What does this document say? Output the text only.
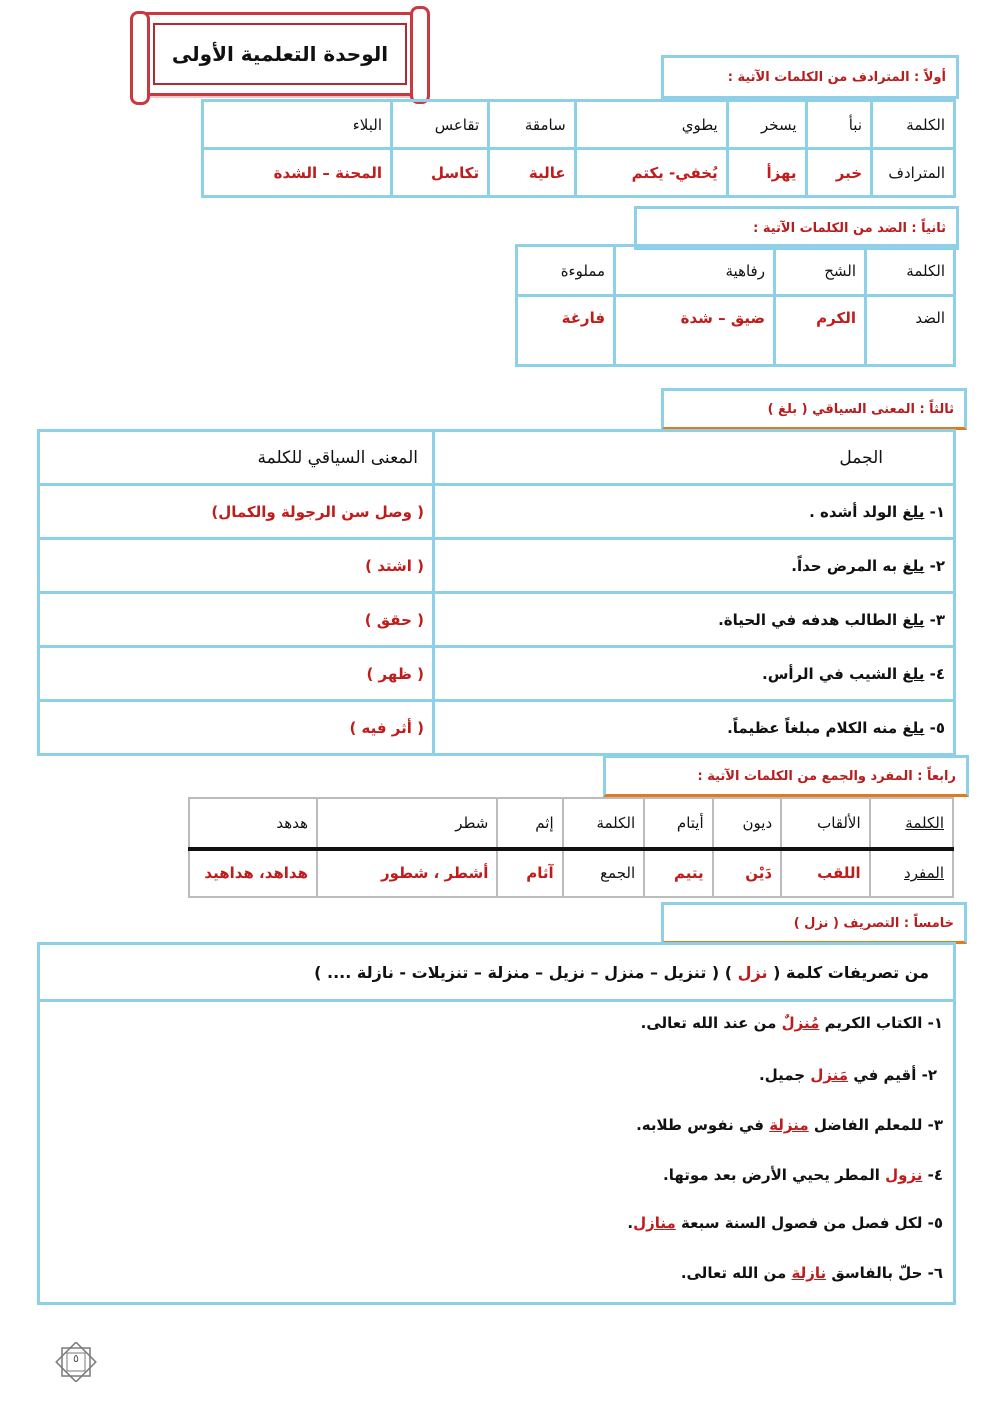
الوحدة التعلمية الأولى
أولاً : المترادف من الكلمات الآتية :
الكلمة	نبأ	يسخر	يطوي	سامقة	تقاعس	البلاء
المترادف	خبر	يهزأ	يُخفي- يكتم	عالية	تكاسل	المحنة – الشدة
ثانياً : الضد من الكلمات الآتية :
الكلمة	الشح	رفاهية	مملوءة
الضد	الكرم	ضيق – شدة	فارغة
ثالثاً : المعنى السياقي ( بلغ )
الجمل	المعنى السياقي للكلمة
١- بلغ الولد أشده .	( وصل سن الرجولة والكمال)
٢- بلغ به المرض حداً.	( اشتد )
٣- بلغ الطالب هدفه في الحياة.	( حقق )
٤- بلغ الشيب في الرأس.	( ظهر )
٥- بلغ منه الكلام مبلغاً عظيماً.	( أثر فيه )
رابعاً : المفرد والجمع من الكلمات الآتية :
الكلمة	الألقاب	ديون	أيتام	الكلمة	إثم	شطر	هدهد
المفرد	اللقب	دَيْن	يتيم	الجمع	آثام	أشطر ، شطور	هداهد، هداهيد
خامساً : التصريف ( نزل )
من تصريفات كلمة ( نزل ) ( تنزيل – منزل – نزيل – منزلة – تنزيلات - نازلة .... )
١- الكتاب الكريم مُنزلٌ من عند الله تعالى.
٢- أقيم في مَنزل جميل.
٣- للمعلم الفاضل منزلة في نفوس طلابه.
٤- نزول المطر يحيي الأرض بعد موتها.
٥- لكل فصل من فصول السنة سبعة منازل.
٦- حلّ بالفاسق نازلة من الله تعالى.
٥
